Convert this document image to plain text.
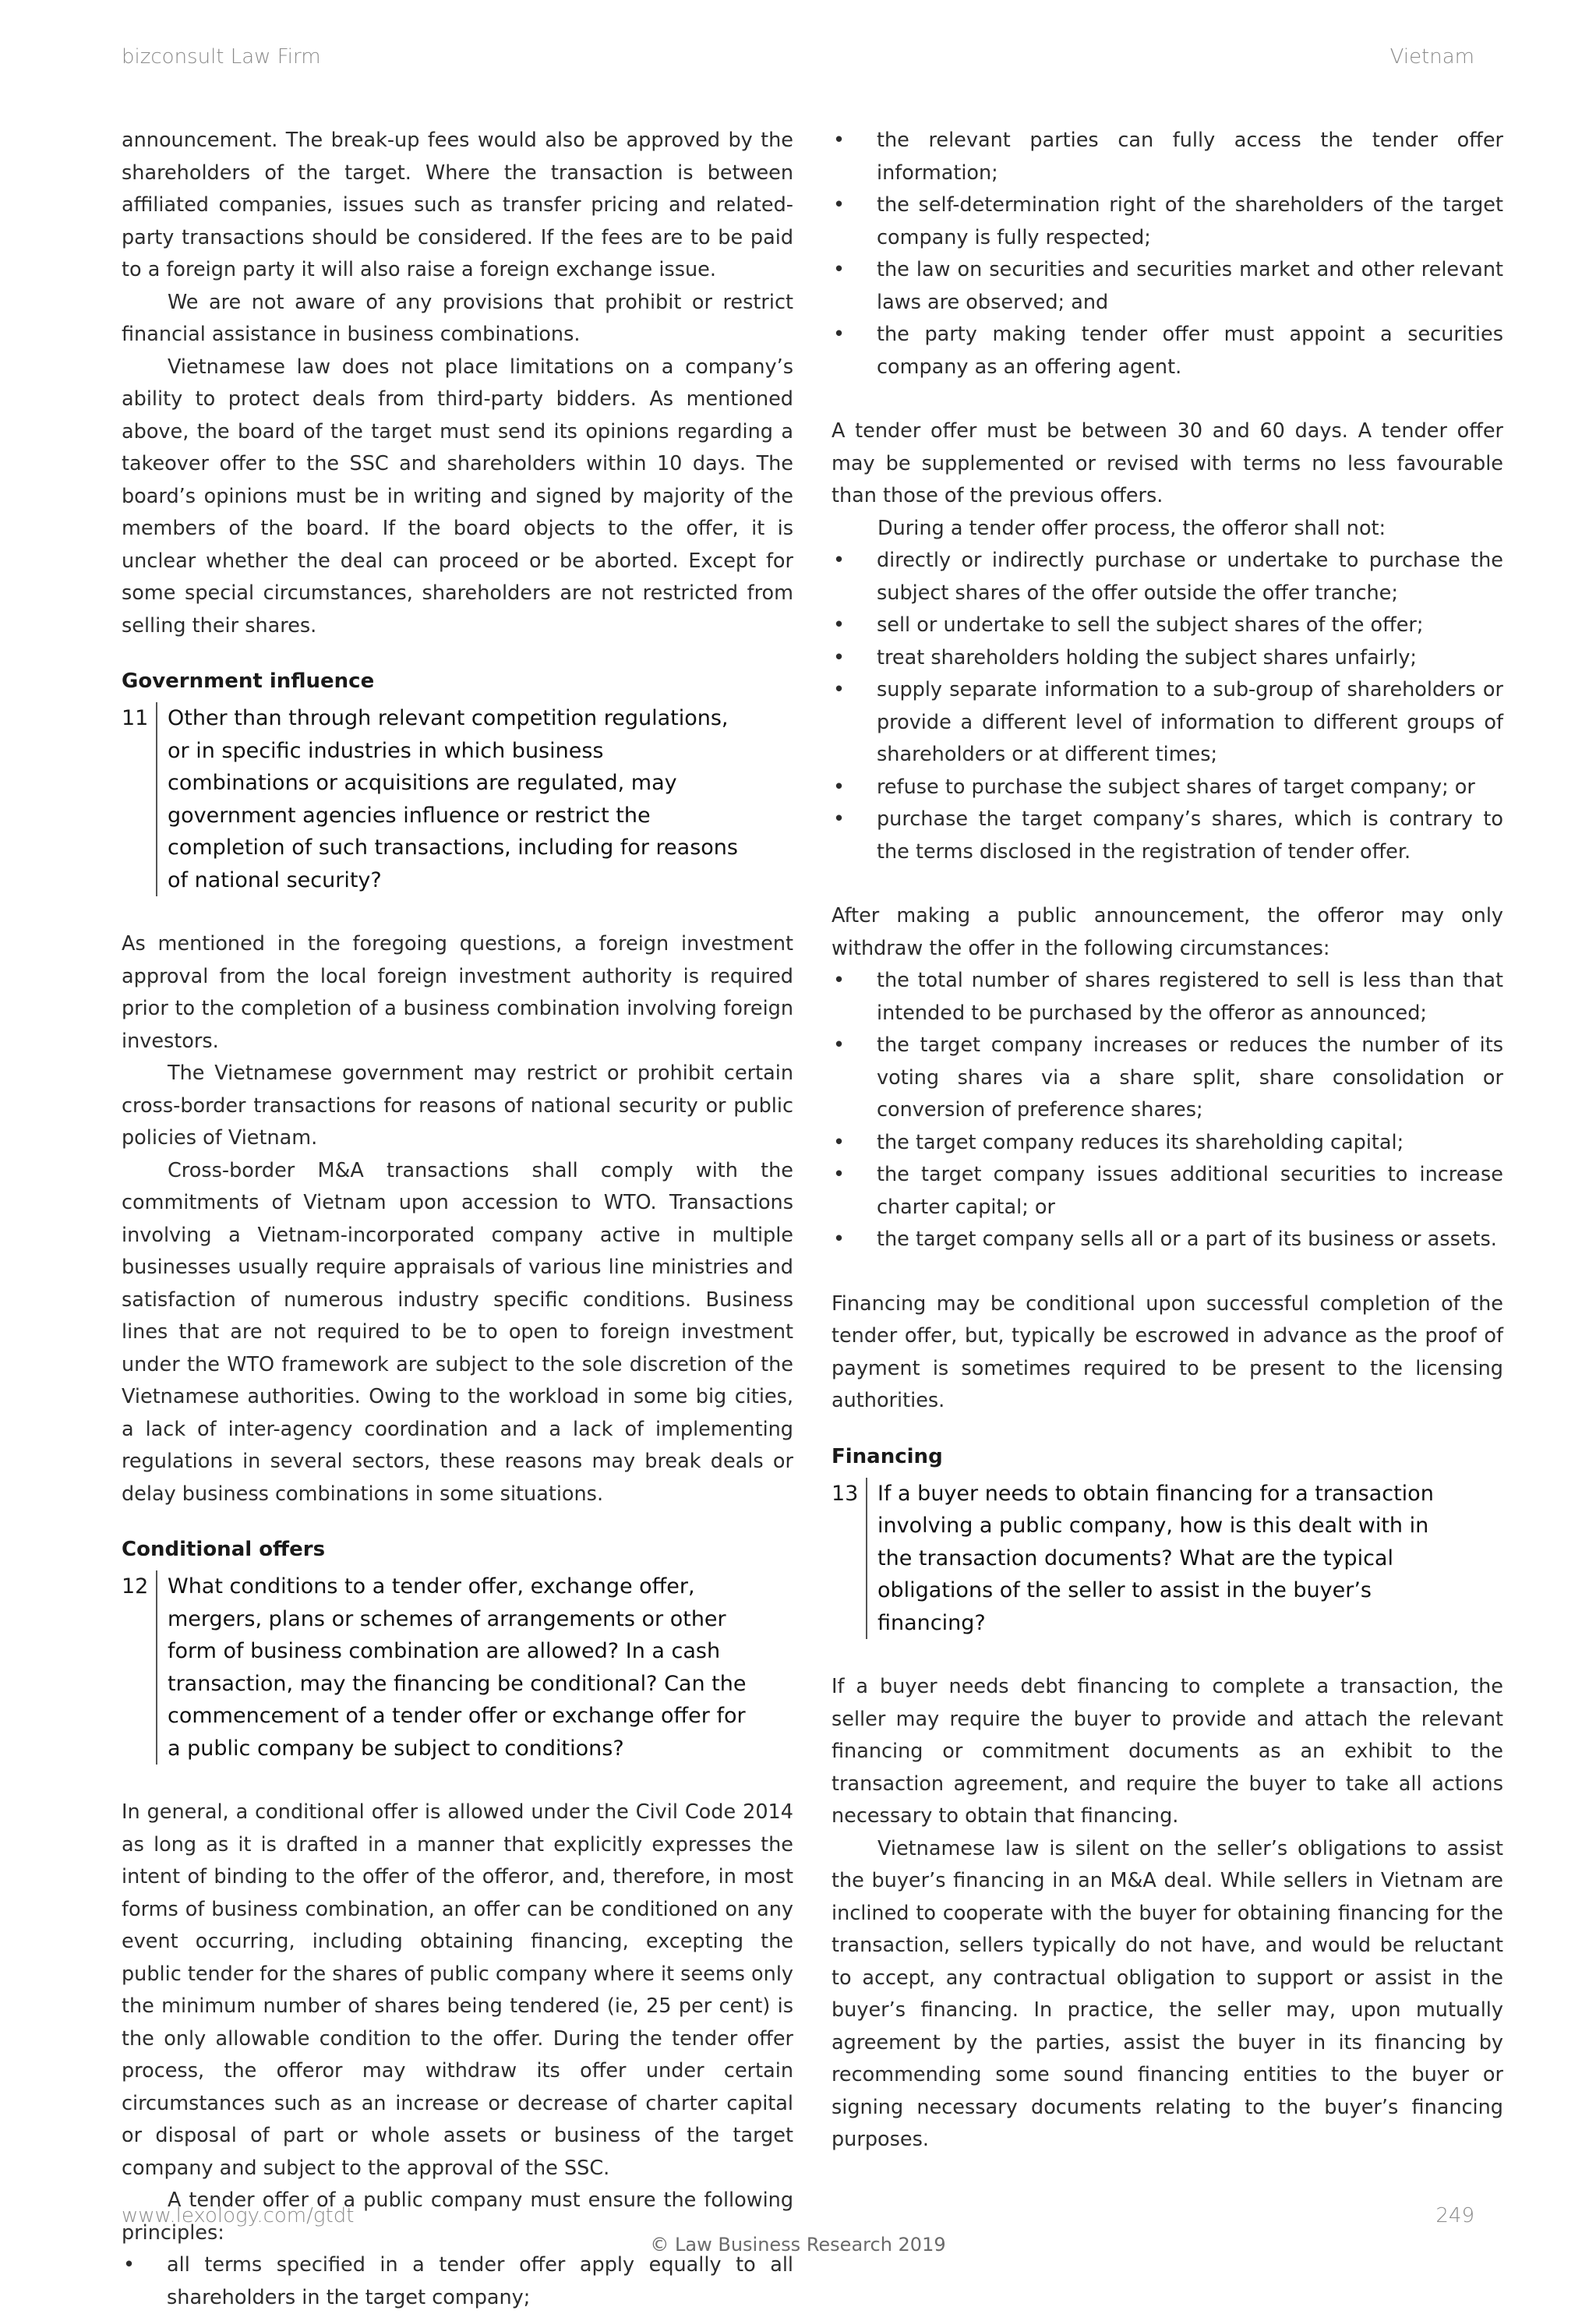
bizconsult Law Firm	Vietnam

announcement. The break-up fees would also be approved by the shareholders of the target. Where the transaction is between affiliated companies, issues such as transfer pricing and related-party transactions should be considered. If the fees are to be paid to a foreign party it will also raise a foreign exchange issue.

We are not aware of any provisions that prohibit or restrict financial assistance in business combinations.

Vietnamese law does not place limitations on a company’s ability to protect deals from third-party bidders. As mentioned above, the board of the target must send its opinions regarding a takeover offer to the SSC and shareholders within 10 days. The board’s opinions must be in writing and signed by majority of the members of the board. If the board objects to the offer, it is unclear whether the deal can proceed or be aborted. Except for some special circumstances, shareholders are not restricted from selling their shares.

Government influence
11 Other than through relevant competition regulations, or in specific industries in which business combinations or acquisitions are regulated, may government agencies influence or restrict the completion of such transactions, including for reasons of national security?

As mentioned in the foregoing questions, a foreign investment approval from the local foreign investment authority is required prior to the completion of a business combination involving foreign investors.

The Vietnamese government may restrict or prohibit certain cross-border transactions for reasons of national security or public policies of Vietnam.

Cross-border M&A transactions shall comply with the commitments of Vietnam upon accession to WTO. Transactions involving a Vietnam-incorporated company active in multiple businesses usually require appraisals of various line ministries and satisfaction of numerous industry specific conditions. Business lines that are not required to be to open to foreign investment under the WTO framework are subject to the sole discretion of the Vietnamese authorities. Owing to the workload in some big cities, a lack of inter-agency coordination and a lack of implementing regulations in several sectors, these reasons may break deals or delay business combinations in some situations.

Conditional offers
12 What conditions to a tender offer, exchange offer, mergers, plans or schemes of arrangements or other form of business combination are allowed? In a cash transaction, may the financing be conditional? Can the commencement of a tender offer or exchange offer for a public company be subject to conditions?

In general, a conditional offer is allowed under the Civil Code 2014 as long as it is drafted in a manner that explicitly expresses the intent of binding to the offer of the offeror, and, therefore, in most forms of business combination, an offer can be conditioned on any event occurring, including obtaining financing, excepting the public tender for the shares of public company where it seems only the minimum number of shares being tendered (ie, 25 per cent) is the only allowable condition to the offer. During the tender offer process, the offeror may withdraw its offer under certain circumstances such as an increase or decrease of charter capital or disposal of part or whole assets or business of the target company and subject to the approval of the SSC.

A tender offer of a public company must ensure the following principles:

• all terms specified in a tender offer apply equally to all shareholders in the target company;
• the relevant parties can fully access the tender offer information;
• the self-determination right of the shareholders of the target company is fully respected;
• the law on securities and securities market and other relevant laws are observed; and
• the party making tender offer must appoint a securities company as an offering agent.

A tender offer must be between 30 and 60 days. A tender offer may be supplemented or revised with terms no less favourable than those of the previous offers.

During a tender offer process, the offeror shall not:

• directly or indirectly purchase or undertake to purchase the subject shares of the offer outside the offer tranche;
• sell or undertake to sell the subject shares of the offer;
• treat shareholders holding the subject shares unfairly;
• supply separate information to a sub-group of shareholders or provide a different level of information to different groups of shareholders or at different times;
• refuse to purchase the subject shares of target company; or
• purchase the target company’s shares, which is contrary to the terms disclosed in the registration of tender offer.

After making a public announcement, the offeror may only withdraw the offer in the following circumstances:

• the total number of shares registered to sell is less than that intended to be purchased by the offeror as announced;
• the target company increases or reduces the number of its voting shares via a share split, share consolidation or conversion of preference shares;
• the target company reduces its shareholding capital;
• the target company issues additional securities to increase charter capital; or
• the target company sells all or a part of its business or assets.

Financing may be conditional upon successful completion of the tender offer, but, typically be escrowed in advance as the proof of payment is sometimes required to be present to the licensing authorities.

Financing
13 If a buyer needs to obtain financing for a transaction involving a public company, how is this dealt with in the transaction documents? What are the typical obligations of the seller to assist in the buyer’s financing?

If a buyer needs debt financing to complete a transaction, the seller may require the buyer to provide and attach the relevant financing or commitment documents as an exhibit to the transaction agreement, and require the buyer to take all actions necessary to obtain that financing.

Vietnamese law is silent on the seller’s obligations to assist the buyer’s financing in an M&A deal. While sellers in Vietnam are inclined to cooperate with the buyer for obtaining financing for the transaction, sellers typically do not have, and would be reluctant to accept, any contractual obligation to support or assist in the buyer’s financing. In practice, the seller may, upon mutually agreement by the parties, assist the buyer in its financing by recommending some sound financing entities to the buyer or signing necessary documents relating to the buyer’s financing purposes.

www.lexology.com/gtdt	249
© Law Business Research 2019
